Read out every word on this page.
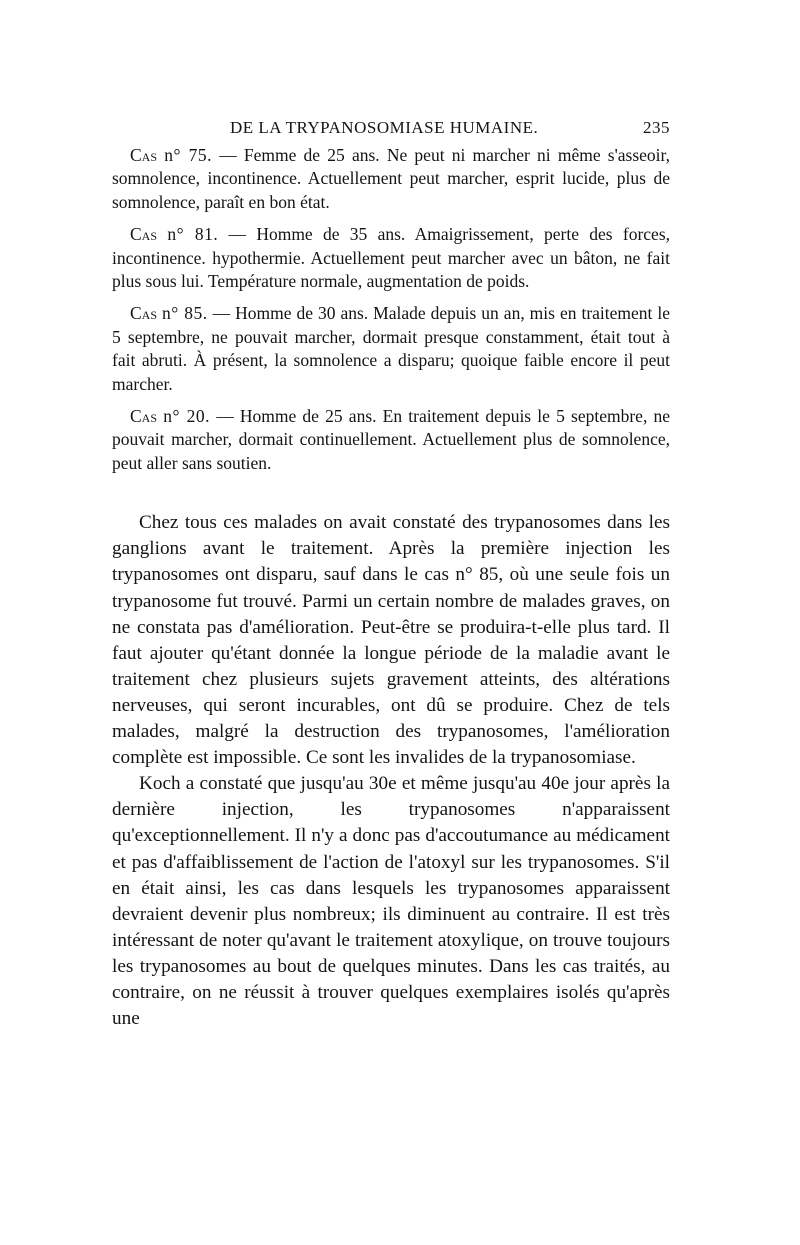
DE LA TRYPANOSOMIASE HUMAINE.	235

Cas n° 75. — Femme de 25 ans. Ne peut ni marcher ni même s'asseoir, somnolence, incontinence. Actuellement peut marcher, esprit lucide, plus de somnolence, paraît en bon état.

Cas n° 81. — Homme de 35 ans. Amaigrissement, perte des forces, incontinence. hypothermie. Actuellement peut marcher avec un bâton, ne fait plus sous lui. Température normale, augmentation de poids.

Cas n° 85. — Homme de 30 ans. Malade depuis un an, mis en traitement le 5 septembre, ne pouvait marcher, dormait presque constamment, était tout à fait abruti. À présent, la somnolence a disparu; quoique faible encore il peut marcher.

Cas n° 20. — Homme de 25 ans. En traitement depuis le 5 septembre, ne pouvait marcher, dormait continuellement. Actuellement plus de somnolence, peut aller sans soutien.

Chez tous ces malades on avait constaté des trypanosomes dans les ganglions avant le traitement. Après la première injection les trypanosomes ont disparu, sauf dans le cas n° 85, où une seule fois un trypanosome fut trouvé. Parmi un certain nombre de malades graves, on ne constata pas d'amélioration. Peut-être se produira-t-elle plus tard. Il faut ajouter qu'étant donnée la longue période de la maladie avant le traitement chez plusieurs sujets gravement atteints, des altérations nerveuses, qui seront incurables, ont dû se produire. Chez de tels malades, malgré la destruction des trypanosomes, l'amélioration complète est impossible. Ce sont les invalides de la trypanosomiase.

Koch a constaté que jusqu'au 30e et même jusqu'au 40e jour après la dernière injection, les trypanosomes n'apparaissent qu'exceptionnellement. Il n'y a donc pas d'accoutumance au médicament et pas d'affaiblissement de l'action de l'atoxyl sur les trypanosomes. S'il en était ainsi, les cas dans lesquels les trypanosomes apparaissent devraient devenir plus nombreux; ils diminuent au contraire. Il est très intéressant de noter qu'avant le traitement atoxylique, on trouve toujours les trypanosomes au bout de quelques minutes. Dans les cas traités, au contraire, on ne réussit à trouver quelques exemplaires isolés qu'après une
